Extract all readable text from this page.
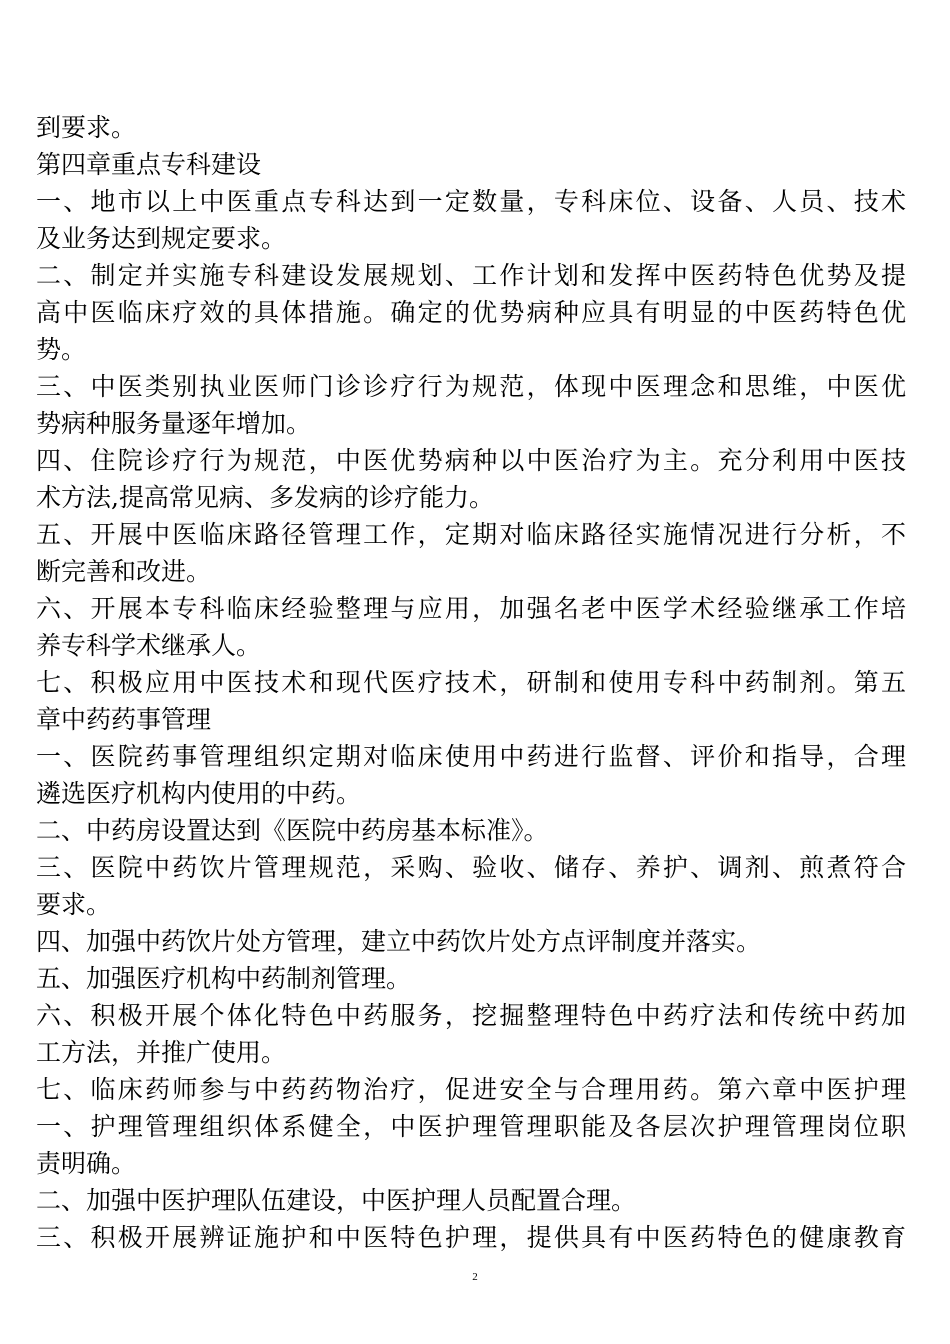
到要求。
第四章重点专科建设
一、地市以上中医重点专科达到一定数量，专科床位、设备、人员、技术
及业务达到规定要求。
二、制定并实施专科建设发展规划、工作计划和发挥中医药特色优势及提
高中医临床疗效的具体措施。确定的优势病种应具有明显的中医药特色优
势。
三、中医类别执业医师门诊诊疗行为规范，体现中医理念和思维，中医优
势病种服务量逐年增加。
四、住院诊疗行为规范，中医优势病种以中医治疗为主。充分利用中医技
术方法,提高常见病、多发病的诊疗能力。
五、开展中医临床路径管理工作，定期对临床路径实施情况进行分析，不
断完善和改进。
六、开展本专科临床经验整理与应用，加强名老中医学术经验继承工作培
养专科学术继承人。
七、积极应用中医技术和现代医疗技术，研制和使用专科中药制剂。第五
章中药药事管理
一、医院药事管理组织定期对临床使用中药进行监督、评价和指导，合理
遴选医疗机构内使用的中药。
二、中药房设置达到《医院中药房基本标准》。
三、医院中药饮片管理规范，采购、验收、储存、养护、调剂、煎煮符合
要求。
四、加强中药饮片处方管理，建立中药饮片处方点评制度并落实。
五、加强医疗机构中药制剂管理。
六、积极开展个体化特色中药服务，挖掘整理特色中药疗法和传统中药加
工方法，并推广使用。
七、临床药师参与中药药物治疗，促进安全与合理用药。第六章中医护理
一、护理管理组织体系健全，中医护理管理职能及各层次护理管理岗位职
责明确。
二、加强中医护理队伍建设，中医护理人员配置合理。
三、积极开展辨证施护和中医特色护理，提供具有中医药特色的健康教育
2
